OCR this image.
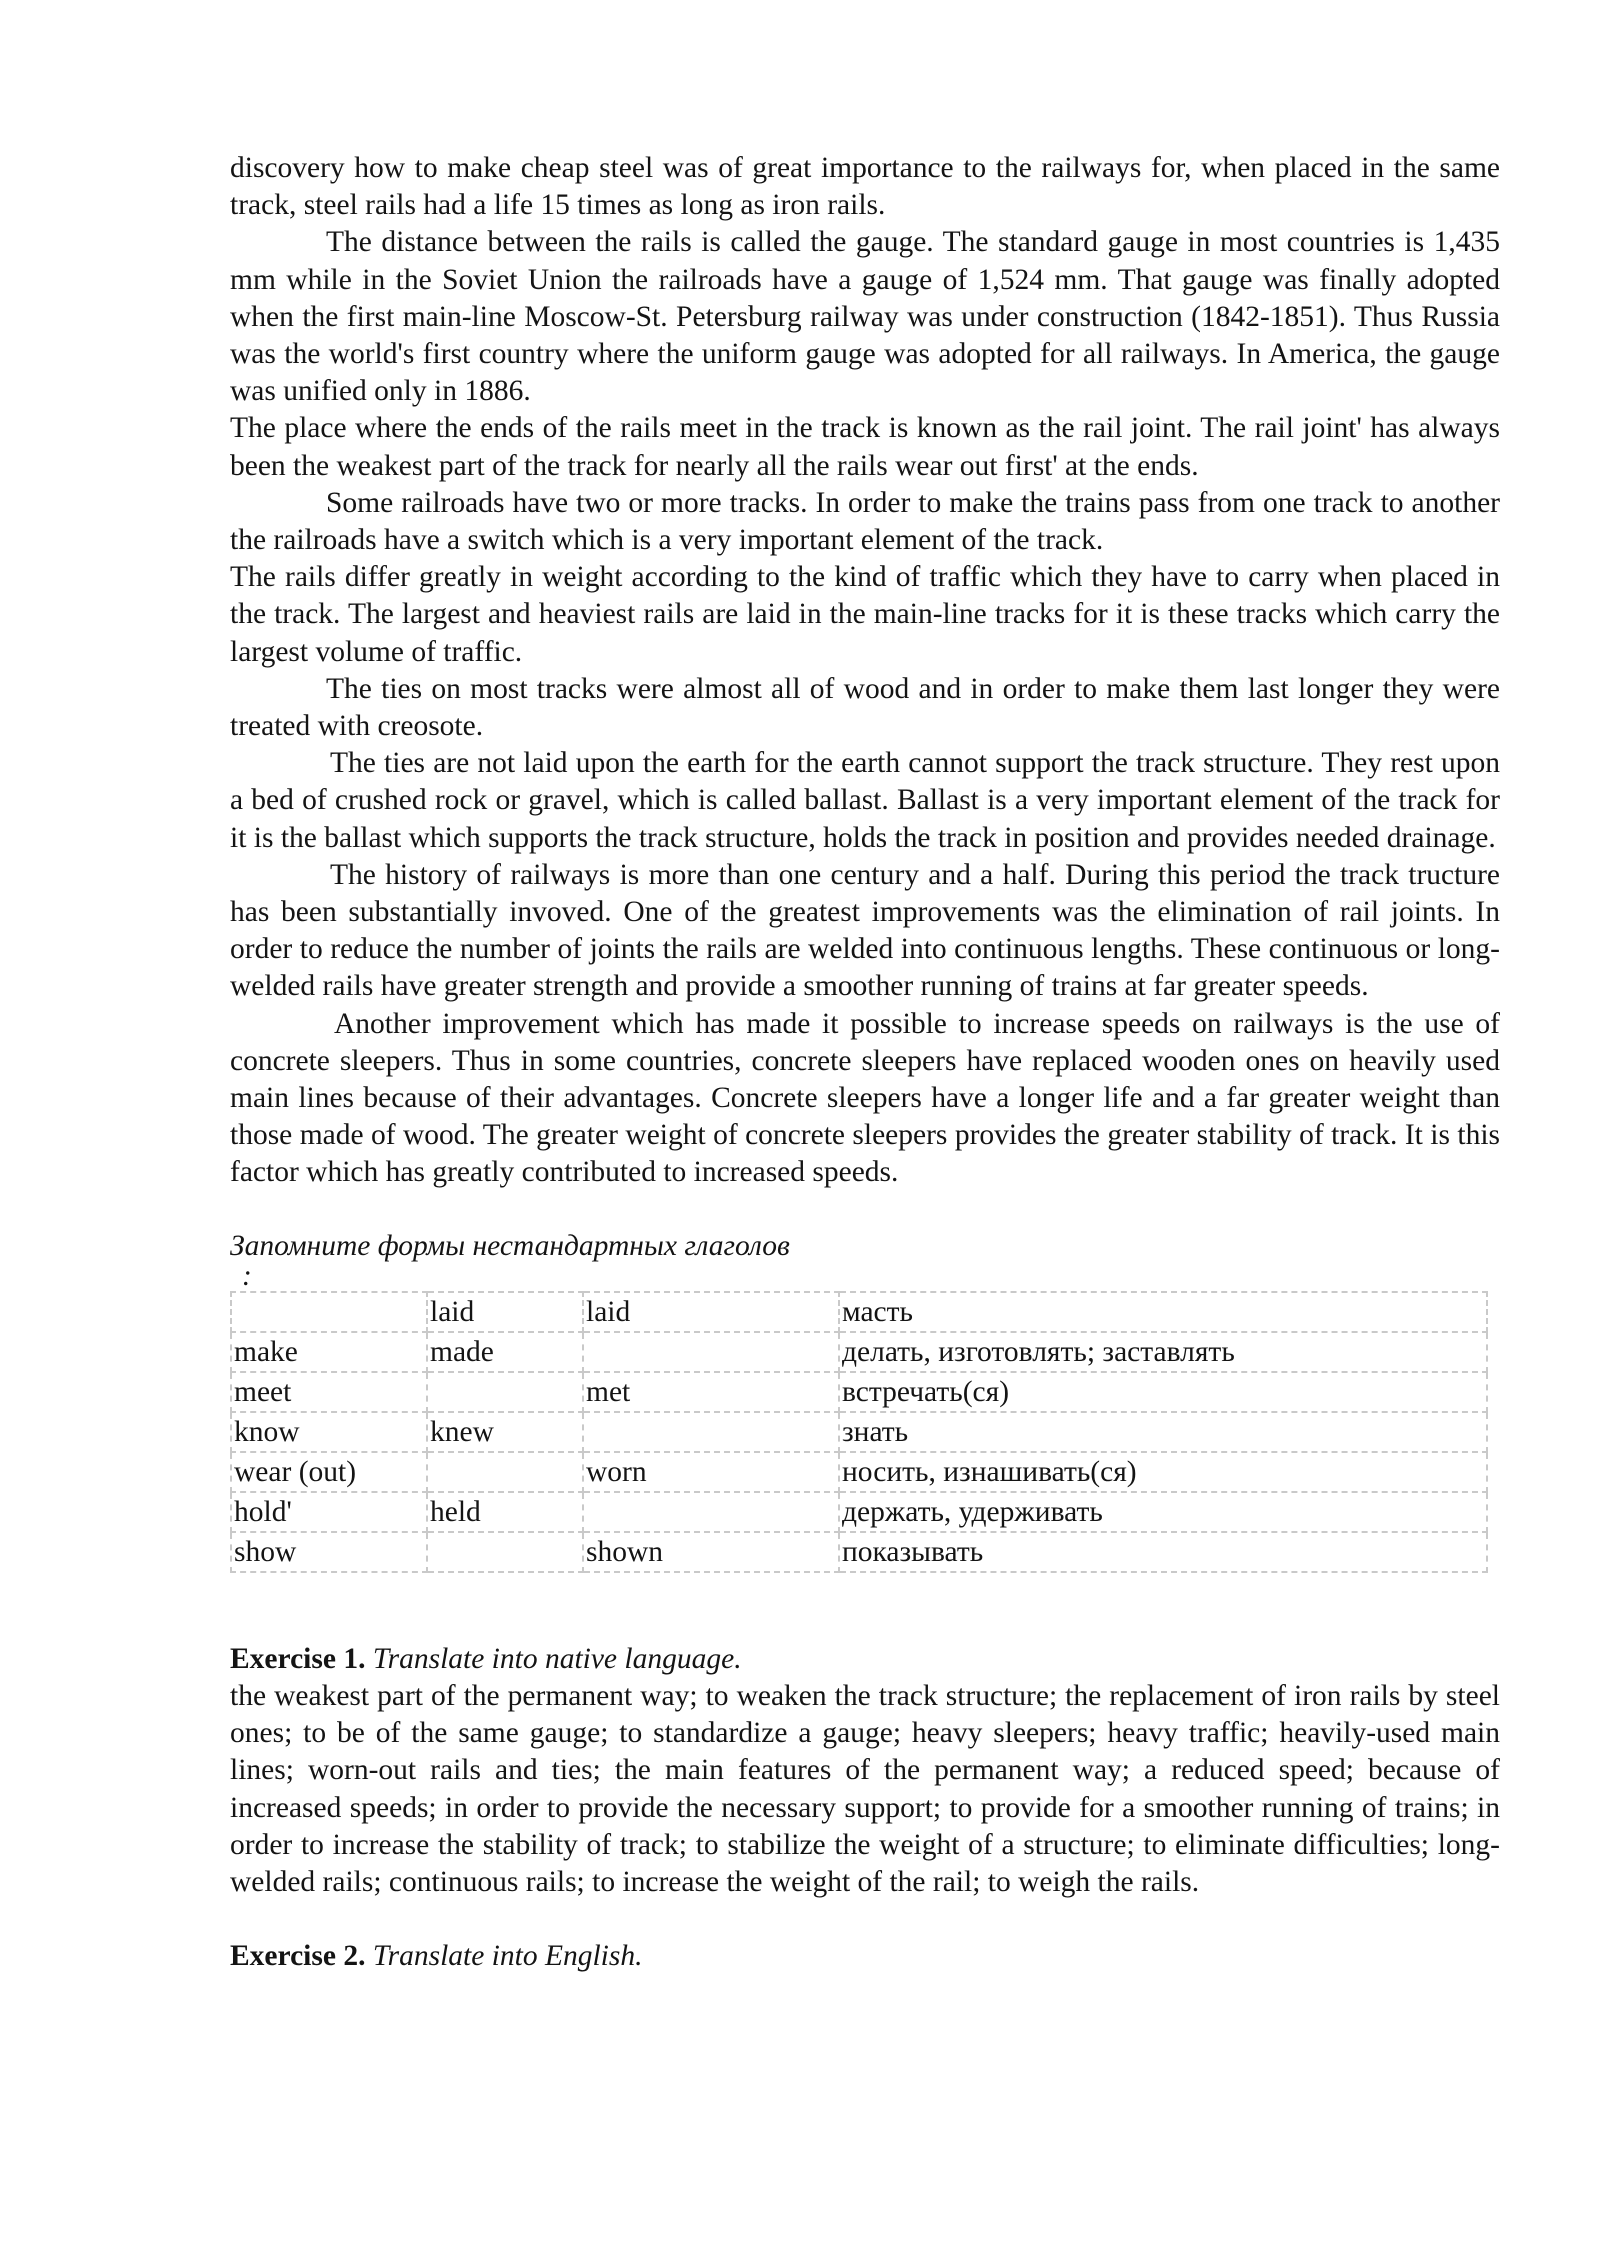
discovery how to make cheap steel was of great importance to the railways for, when placed in the same track, steel rails had a life 15 times as long as iron rails.

The distance between the rails is called the gauge. The standard gauge in most countries is 1,435 mm while in the Soviet Union the railroads have a gauge of 1,524 mm. That gauge was finally adopted when the first main-line Moscow-St. Petersburg railway was under construction (1842-1851). Thus Russia was the world's first country where the uniform gauge was adopted for all railways. In America, the gauge was unified only in 1886.

The place where the ends of the rails meet in the track is known as the rail joint. The rail joint' has always been the weakest part of the track for nearly all the rails wear out first' at the ends.

Some railroads have two or more tracks. In order to make the trains pass from one track to another the railroads have a switch which is a very important element of the track.

The rails differ greatly in weight according to the kind of traffic which they have to carry when placed in the track. The largest and heaviest rails are laid in the main-line tracks for it is these tracks which carry the largest volume of traffic.

The ties on most tracks were almost all of wood and in order to make them last longer they were treated with creosote.

The ties are not laid upon the earth for the earth cannot support the track structure. They rest upon a bed of crushed rock or gravel, which is called ballast. Ballast is a very important element of the track for it is the ballast which supports the track structure, holds the track in position and provides needed drainage.

The history of railways is more than one century and a half. During this period the track tructure has been substantially invoved. One of the greatest improvements was the elimination of rail joints. In order to reduce the number of joints the rails are welded into continuous lengths. These continuous or long-welded rails have greater strength and provide a smoother running of trains at far greater speeds.

Another improvement which has made it possible to increase speeds on railways is the use of concrete sleepers. Thus in some countries, concrete sleepers have replaced wooden ones on heavily used main lines because of their advantages. Concrete sleepers have a longer life and a far greater weight than those made of wood. The greater weight of concrete sleepers provides the greater stability of track. It is this factor which has greatly contributed to increased speeds.

Запомните формы нестандартных глаголов
:
	laid	laid	масть
make	made		делать, изготовлять; заставлять
meet		met	встречать(ся)
know	knew		знать
wear (out)		worn	носить, изнашивать(ся)
hold'	held		держать, удерживать
show		shown	показывать
Exercise 1. Translate into native language.

the weakest part of the permanent way; to weaken the track structure; the replacement of iron rails by steel ones; to be of the same gauge; to standardize a gauge; heavy sleepers; heavy traffic; heavily-used main lines; worn-out rails and ties; the main features of the permanent way; a reduced speed; because of increased speeds; in order to provide the necessary support; to provide for a smoother running of trains; in order to increase the stability of track; to stabilize the weight of a structure; to eliminate difficulties; long-welded rails; continuous rails; to increase the weight of the rail; to weigh the rails.

Exercise 2. Translate into English.
